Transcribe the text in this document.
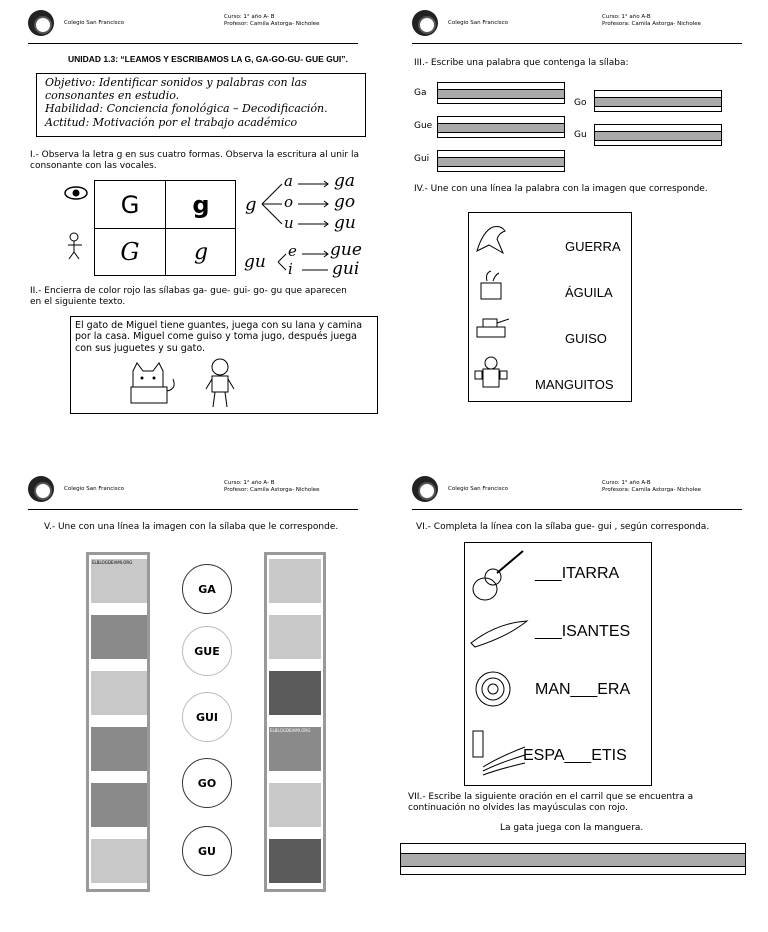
Colegio San Francisco
Curso: 1° año A- B
Profesor: Camila Astorga- Nicholee
UNIDAD 1.3: “LEAMOS Y ESCRIBAMOS LA G, GA-GO-GU- GUE GUI”.
Objetivo: Identificar sonidos y palabras con las
consonantes en estudio.
Habilidad: Conciencia fonológica – Decodificación.
Actitud: Motivación por el trabajo académico
I.- Observa la letra g en sus cuatro formas. Observa la escritura al unir la consonante con las vocales.
G	g
G	g
g
gu
a
o
u
e
i
ga
go
gu
gue
gui
II.- Encierra de color rojo las sílabas ga- gue- gui- go- gu que aparecen en el siguiente texto.
El gato de Miguel tiene guantes, juega con su lana y camina por la casa. Miguel come guiso y toma jugo, después juega con sus juguetes y su gato.
Colegio San Francisco
Curso: 1° año A-B
Profesora: Camila Astorga- Nicholee
III.- Escribe una palabra que contenga la sílaba:
Ga
Go
Gue
Gu
Gui
IV.- Une con una línea la palabra con la imagen que corresponde.
GUERRA
ÁGUILA
GUISO
MANGUITOS
Colegio San Francisco
Curso: 1° año A- B
Profesor: Camila Astorga- Nicholee
V.- Une con una línea la imagen con la sílaba que le corresponde.
ELBLOGDEIAMI.ORG
GA
GUE
GUI
GO
GU
ELBLOGDEIAMI.ORG
Colegio San Francisco
Curso: 1° año A-B
Profesora: Camila Astorga- Nicholee
VI.- Completa la línea con la sílaba gue- gui , según corresponda.
___ITARRA
___ISANTES
MAN___ERA
ESPA___ETIS
VII.- Escribe la siguiente oración en el carril que se encuentra a continuación no olvides las mayúsculas con rojo.
La gata juega con la manguera.
